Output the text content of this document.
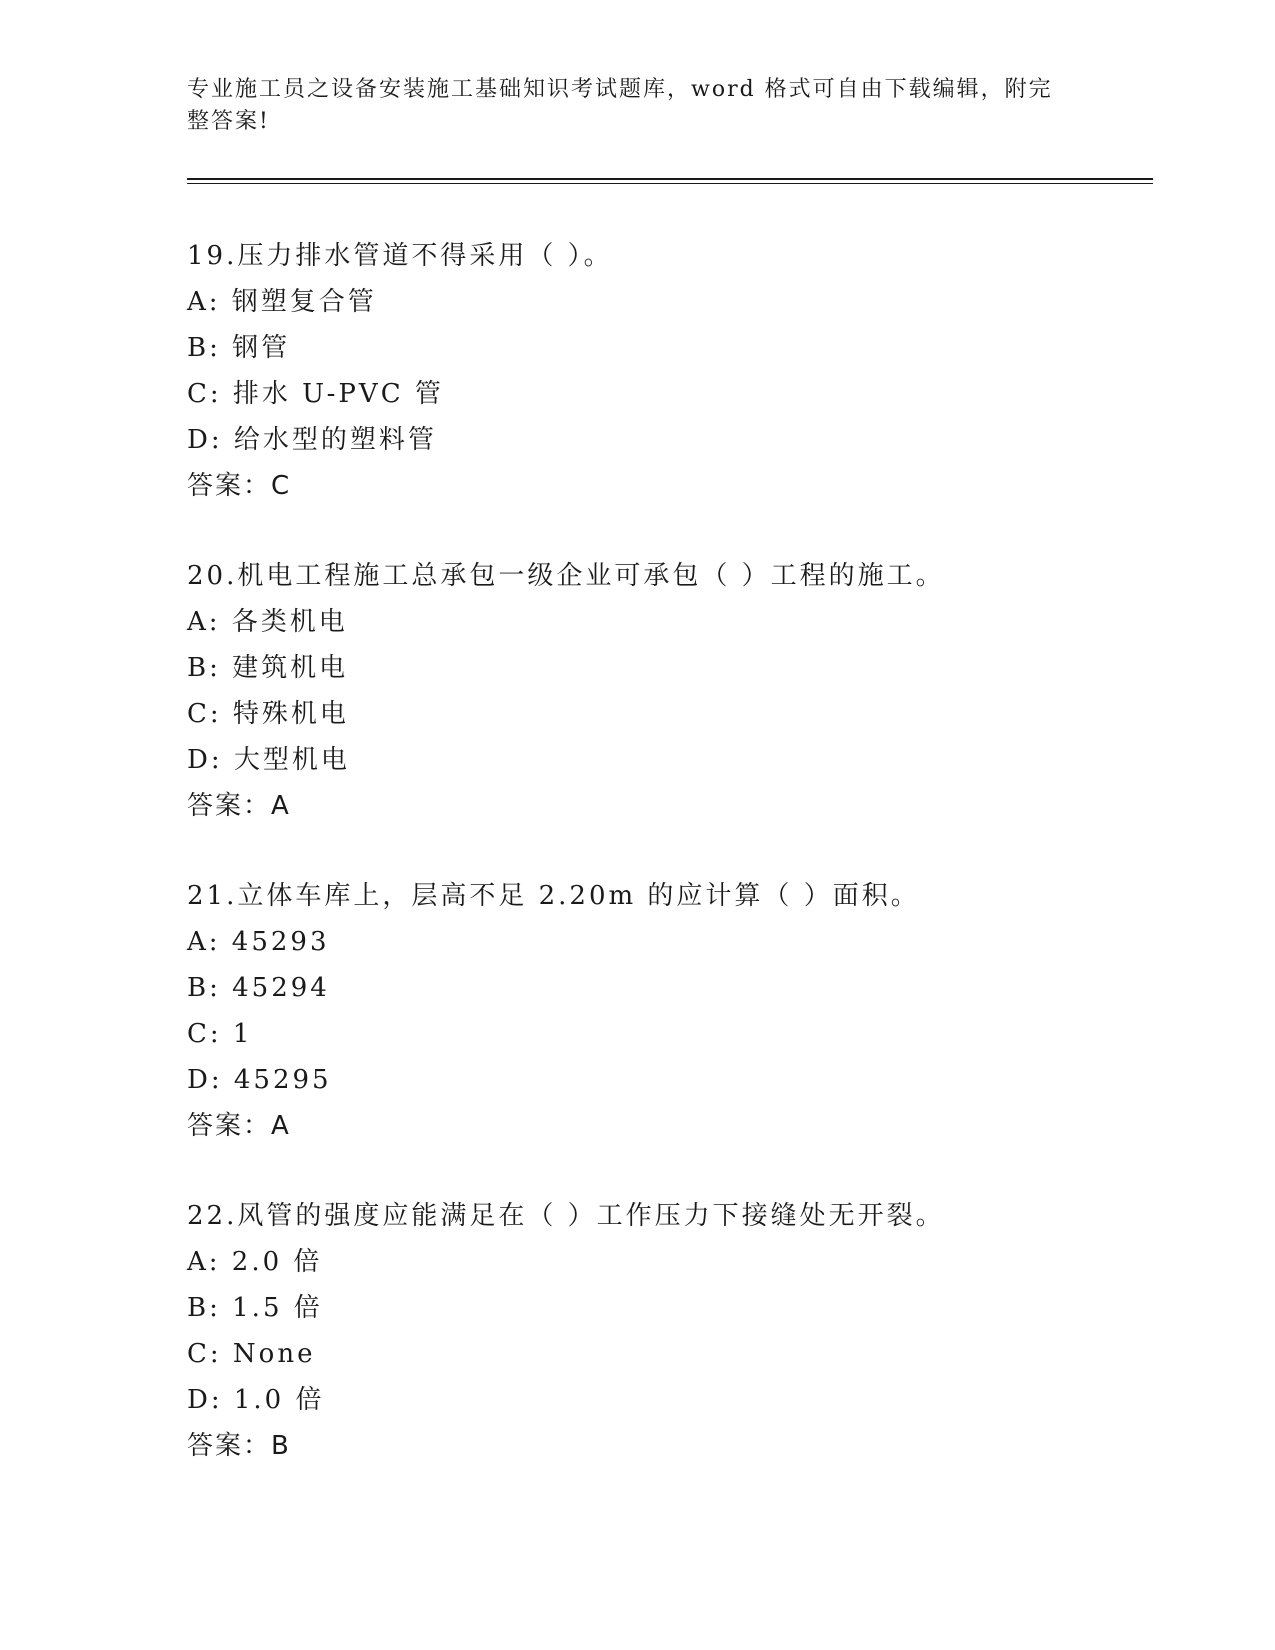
专业施工员之设备安装施工基础知识考试题库，word 格式可自由下载编辑，附完
整答案!
19.压力排水管道不得采用（ ）。
A: 钢塑复合管
B: 钢管
C: 排水 U-PVC 管
D: 给水型的塑料管
答案：C
20.机电工程施工总承包一级企业可承包（ ）工程的施工。
A: 各类机电
B: 建筑机电
C: 特殊机电
D: 大型机电
答案：A
21.立体车库上，层高不足 2.20m 的应计算（ ）面积。
A: 45293
B: 45294
C: 1
D: 45295
答案：A
22.风管的强度应能满足在（ ）工作压力下接缝处无开裂。
A: 2.0 倍
B: 1.5 倍
C: None
D: 1.0 倍
答案：B
